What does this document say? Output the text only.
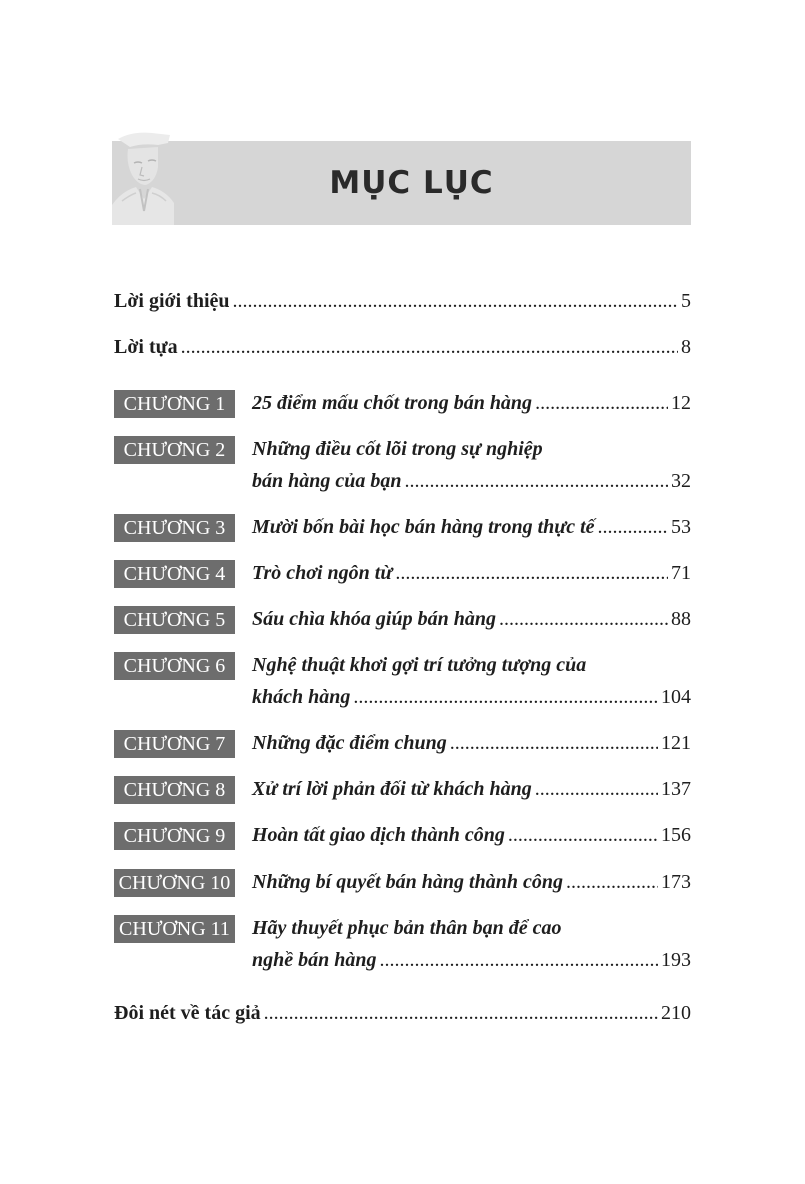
MỤC LỤC
Lời giới thiệu .....	5
Lời tựa .....	8
CHƯƠNG 1	25 điểm mấu chốt trong bán hàng .....	12
CHƯƠNG 2	Những điều cốt lõi trong sự nghiệp
bán hàng của bạn .....	32
CHƯƠNG 3	Mười bốn bài học bán hàng trong thực tế .....	53
CHƯƠNG 4	Trò chơi ngôn từ .....	71
CHƯƠNG 5	Sáu chìa khóa giúp bán hàng .....	88
CHƯƠNG 6	Nghệ thuật khơi gợi trí tưởng tượng của
khách hàng .....	104
CHƯƠNG 7	Những đặc điểm chung .....	121
CHƯƠNG 8	Xử trí lời phản đối từ khách hàng .....	137
CHƯƠNG 9	Hoàn tất giao dịch thành công .....	156
CHƯƠNG 10 Những bí quyết bán hàng thành công .....	173
CHƯƠNG 11 Hãy thuyết phục bản thân bạn để cao
nghề bán hàng .....	193
Đôi nét về tác giả .....	210
